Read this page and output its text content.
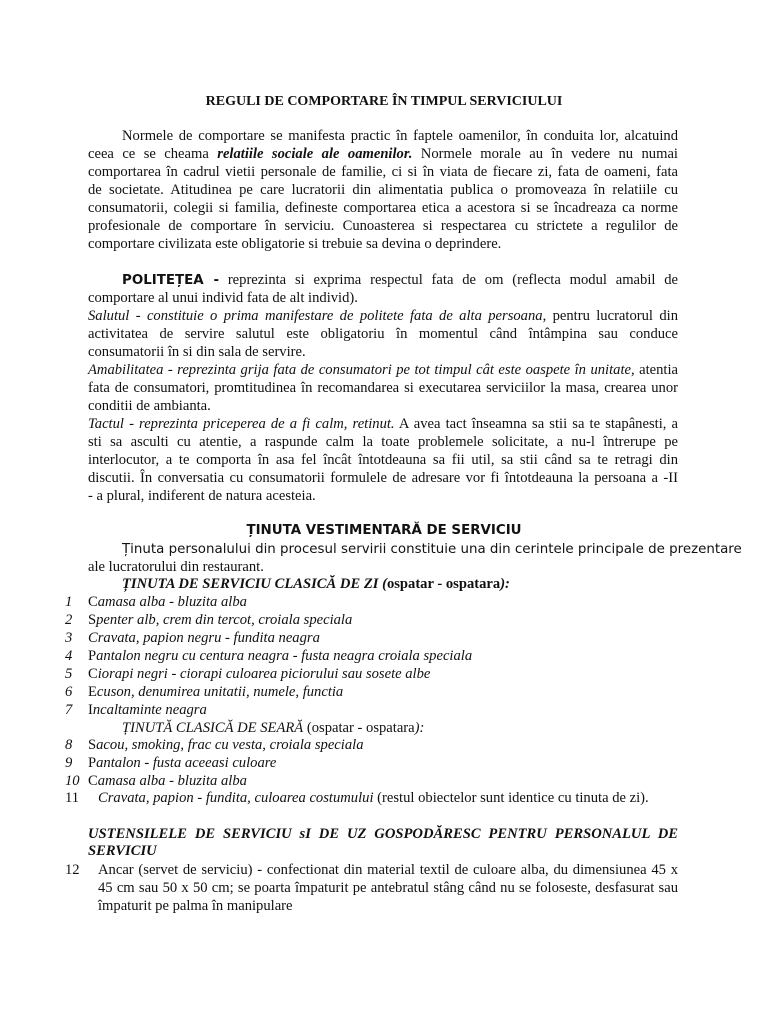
REGULI DE COMPORTARE ÎN TIMPUL SERVICIULUI
Normele de comportare se manifesta practic în faptele oamenilor, în conduita lor, alcatuind
ceea ce se cheama relatiile sociale ale oamenilor. Normele morale au în vedere nu numai
comportarea în cadrul vietii personale de familie, ci si în viata de fiecare zi, fata de oameni, fata
de societate. Atitudinea pe care lucratorii din alimentatia publica o promoveaza în relatiile cu
consumatorii, colegii si familia, defineste comportarea etica a acestora si se încadreaza ca norme
profesionale de comportare în serviciu. Cunoasterea si respectarea cu strictete a regulilor de
comportare civilizata este obligatorie si trebuie sa devina o deprindere.
POLITEȚEA - reprezinta si exprima respectul fata de om (reflecta modul amabil de
comportare al unui individ fata de alt individ).
Salutul - constituie o prima manifestare de politete fata de alta persoana, pentru lucratorul din
activitatea de servire salutul este obligatoriu în momentul când întâmpina sau conduce
consumatorii în si din sala de servire.
Amabilitatea - reprezinta grija fata de consumatori pe tot timpul cât este oaspete în unitate, atentia
fata de consumatori, promtitudinea în recomandarea si executarea serviciilor la masa, crearea unor
conditii de ambianta.
Tactul - reprezinta priceperea de a fi calm, retinut. A avea tact înseamna sa stii sa te stapânesti, a
sti sa asculti cu atentie, a raspunde calm la toate problemele solicitate, a nu-l întrerupe pe
interlocutor, a te comporta în asa fel încât întotdeauna sa fii util, sa stii când sa te retragi din
discutii. În conversatia cu consumatorii formulele de adresare vor fi întotdeauna la persoana a -II
- a plural, indiferent de natura acesteia.
ȚINUTA VESTIMENTARĂ DE SERVICIU
Ținuta personalului din procesul servirii constituie una din cerintele principale de prezentare
ale lucratorului din restaurant.
ȚINUTA DE SERVICIU CLASICĂ DE ZI (ospatar - ospatara):
1 Camasa alba - bluzita alba
2 Spenter alb, crem din tercot, croiala speciala
3 Cravata, papion negru - fundita neagra
4 Pantalon negru cu centura neagra - fusta neagra croiala speciala
5 Ciorapi negri - ciorapi culoarea piciorului sau sosete albe
6 Ecuson, denumirea unitatii, numele, functia
7 Incaltaminte neagra
ȚINUTĂ CLASICĂ DE SEARĂ (ospatar - ospatara):
8 Sacou, smoking, frac cu vesta, croiala speciala
9 Pantalon - fusta aceeasi culoare
10 Camasa alba - bluzita alba
11 Cravata, papion - fundita, culoarea costumului (restul obiectelor sunt identice cu tinuta de zi).
USTENSILELE DE SERVICIU sI DE UZ GOSPODĂRESC PENTRU PERSONALUL DE
SERVICIU
12 Ancar (servet de serviciu) - confectionat din material textil de culoare alba, du dimensiunea 45 x
45 cm sau 50 x 50 cm; se poarta împaturit pe antebratul stâng când nu se foloseste, desfasurat sau
împaturit pe palma în manipulare
